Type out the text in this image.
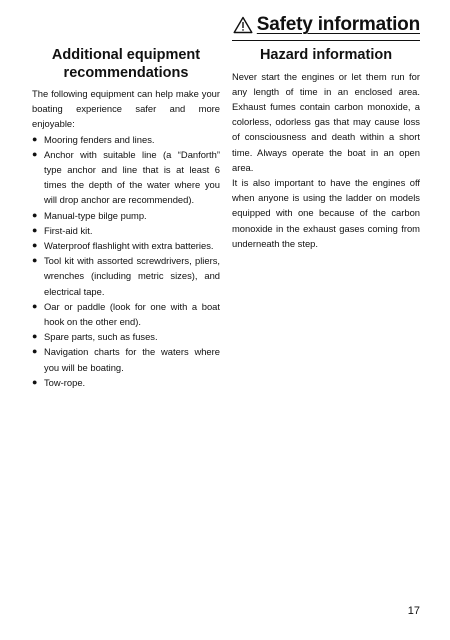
Safety information
Additional equipment recommendations

The following equipment can help make your boating experience safer and more enjoyable:

● Mooring fenders and lines.
● Anchor with suitable line (a “Danforth” type anchor and line that is at least 6 times the depth of the water where you will drop anchor are recommended).
● Manual-type bilge pump.
● First-aid kit.
● Waterproof flashlight with extra batteries.
● Tool kit with assorted screwdrivers, pliers, wrenches (including metric sizes), and electrical tape.
● Oar or paddle (look for one with a boat hook on the other end).
● Spare parts, such as fuses.
● Navigation charts for the waters where you will be boating.
● Tow-rope.
Hazard information

Never start the engines or let them run for any length of time in an enclosed area. Exhaust fumes contain carbon monoxide, a colorless, odorless gas that may cause loss of consciousness and death within a short time. Always operate the boat in an open area.

It is also important to have the engines off when anyone is using the ladder on models equipped with one because of the carbon monoxide in the exhaust gases coming from underneath the step.

17
